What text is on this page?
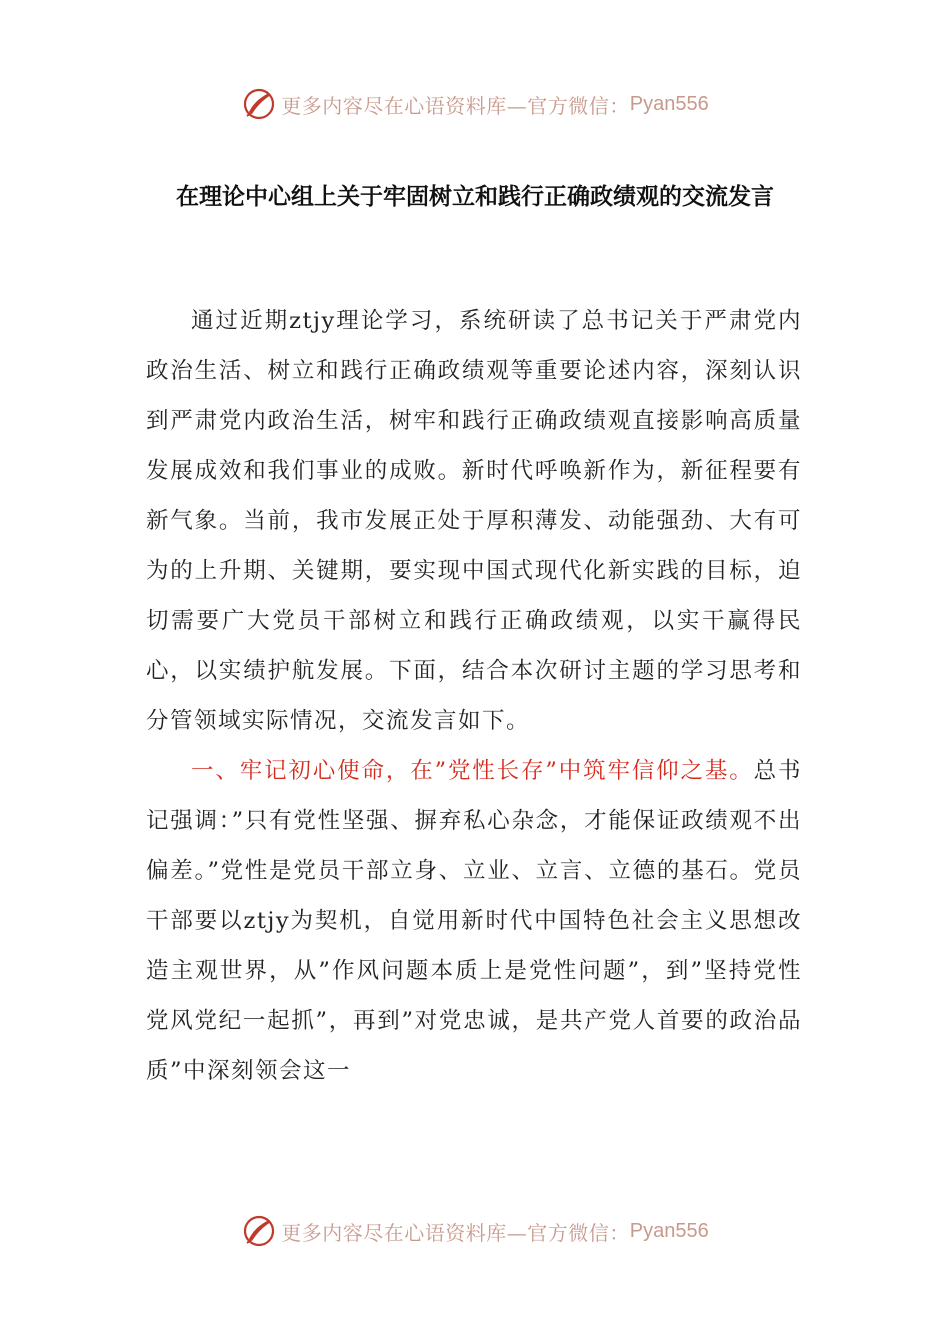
更多内容尽在心语资料库—官方微信： Pyan556
在理论中心组上关于牢固树立和践行正确政绩观的交流发言

通过近期ztjy理论学习，系统研读了总书记关于严肃党内政治生活、树立和践行正确政绩观等重要论述内容，深刻认识到严肃党内政治生活，树牢和践行正确政绩观直接影响高质量发展成效和我们事业的成败。新时代呼唤新作为，新征程要有新气象。当前，我市发展正处于厚积薄发、动能强劲、大有可为的上升期、关键期，要实现中国式现代化新实践的目标，迫切需要广大党员干部树立和践行正确政绩观，以实干赢得民心，以实绩护航发展。下面，结合本次研讨主题的学习思考和分管领域实际情况，交流发言如下。

一、牢记初心使命，在”党性长存”中筑牢信仰之基。总书记强调：”只有党性坚强、摒弃私心杂念，才能保证政绩观不出偏差。”党性是党员干部立身、立业、立言、立德的基石。党员干部要以ztjy为契机，自觉用新时代中国特色社会主义思想改造主观世界，从”作风问题本质上是党性问题”，到”坚持党性党风党纪一起抓”，再到”对党忠诚，是共产党人首要的政治品质”中深刻领会这一

更多内容尽在心语资料库—官方微信： Pyan556
